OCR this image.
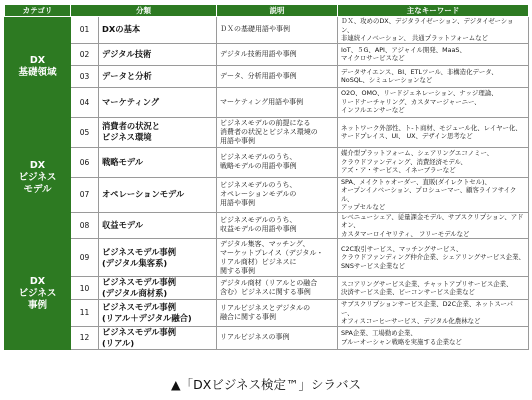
カテゴリ	分類		説明	主なキーワード
DX
基礎領域	01	DXの基本	ＤＸの基礎用語や事例	ＤＸ、攻めのDX、デジタライゼーション、デジタイゼーション、
非連続イノベーション、 共通プラットフォームなど
	02	デジタル技術	デジタル技術用語や事例	IoT、５G、API、アジャイル開発、MaaS、
マイクロサービスなど
	03	データと分析	データ、分析用語や事例	データサイエンス、BI、ETLツール、非構造化データ、
NoSQL、シミュレーションなど
	04	マーケティング	マーケティング用語や事例	O2O、OMO、リードジェネレーション、ナッジ理論、
リードナーチャリング、カスタマージャーニー、
インフルエンサーなど
DX
ビジネス
モデル	05	消費者の状況と
ビジネス環境	ビジネスモデルの前提になる
消費者の状況とビジネス環境の
用語や事例	ネットワーク外部性、ト-ト商材、モジュール化、レイヤー化、
サードプレイス、UI、 UX、デザイン思考など
	06	戦略モデル	ビジネスモデルのうち、
戦略モデルの用語や事例	媒介型プラットフォーム、シェアリングエコノミー、
クラウドファンディング、消費経済モデル、
アズ・ア・サービス、イネーブラーなど
	07	オペレーションモデル	ビジネスモデルのうち、
オペレーションモデルの
用語や事例	SPA、メイクトゥオーダー、直販(ダイレクトセル)、
オープンイノベーション、プロシューマー、顧客ライフサイクル、
アップセルなど
	08	収益モデル	ビジネスモデルのうち、
収益モデルの用語や事例	レベニューシェア、従量課金モデル、サブスクリプション、アドオン、
カスタマーロイヤリティ、 フリーモデルなど
DX
ビジネス
事例	09	ビジネスモデル事例
(デジタル集客系)	デジタル集客、マッチング、
マーケットプレイス（デジタル・
リアル商材）ビジネスに
関する事例	C2C取引サービス、マッチングサービス、
クラウドファンディング仲介企業、シェアリングサービス企業、
SNSサービス企業など
	10	ビジネスモデル事例
(デジタル商材系)	デジタル商材（リアルとの融合
含む）ビジネスに関する事例	スコアリングサービス企業、チャットアプリサービス企業、
決済サービス企業、ビーコンサービス企業など
	11	ビジネスモデル事例
(リアル＋デジタル融合)	リアルビジネスとデジタルの
融合に関する事例	サブスクリプションサービス企業、D2C企業、ネットスーパー、
オフィスコーヒーサービス、デジタル化農林など
	12	ビジネスモデル事例
(リアル)	リアルビジネスの事例	SPA企業、工場勤め企業、
ブルーオーシャン戦略を実施する企業など
▲「DXビジネス検定™」シラバス
